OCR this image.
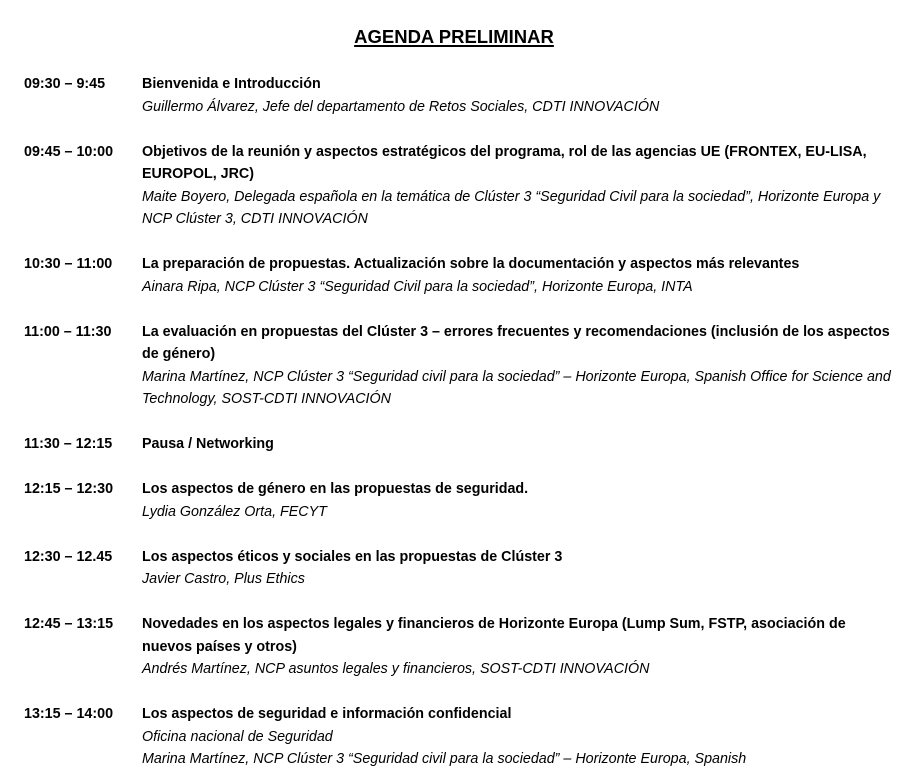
AGENDA PRELIMINAR
09:30 – 9:45	Bienvenida e Introducción
Guillermo Álvarez, Jefe del departamento de Retos Sociales, CDTI INNOVACIÓN
09:45 – 10:00	Objetivos de la reunión y aspectos estratégicos del programa, rol de las agencias UE (FRONTEX, EU-LISA, EUROPOL, JRC)
Maite Boyero, Delegada española en la temática de Clúster 3 “Seguridad Civil para la sociedad”, Horizonte Europa y NCP Clúster 3, CDTI INNOVACIÓN
10:30 – 11:00	La preparación de propuestas. Actualización sobre la documentación y aspectos más relevantes
Ainara Ripa, NCP Clúster 3 “Seguridad Civil para la sociedad”, Horizonte Europa, INTA
11:00 – 11:30	La evaluación en propuestas del Clúster 3 – errores frecuentes y recomendaciones (inclusión de los aspectos de género)
Marina Martínez, NCP Clúster 3 “Seguridad civil para la sociedad” – Horizonte Europa, Spanish Office for Science and Technology, SOST-CDTI INNOVACIÓN
11:30 – 12:15	Pausa / Networking
12:15 – 12:30	Los aspectos de género en las propuestas de seguridad.
Lydia González Orta, FECYT
12:30 – 12.45	Los aspectos éticos y sociales en las propuestas de Clúster 3
Javier Castro, Plus Ethics
12:45 – 13:15	Novedades en los aspectos legales y financieros de Horizonte Europa (Lump Sum, FSTP, asociación de nuevos países y otros)
Andrés Martínez, NCP asuntos legales y financieros, SOST-CDTI INNOVACIÓN
13:15 – 14:00	Los aspectos de seguridad e información confidencial
Oficina nacional de Seguridad
Marina Martínez, NCP Clúster 3 “Seguridad civil para la sociedad” – Horizonte Europa, Spanish
